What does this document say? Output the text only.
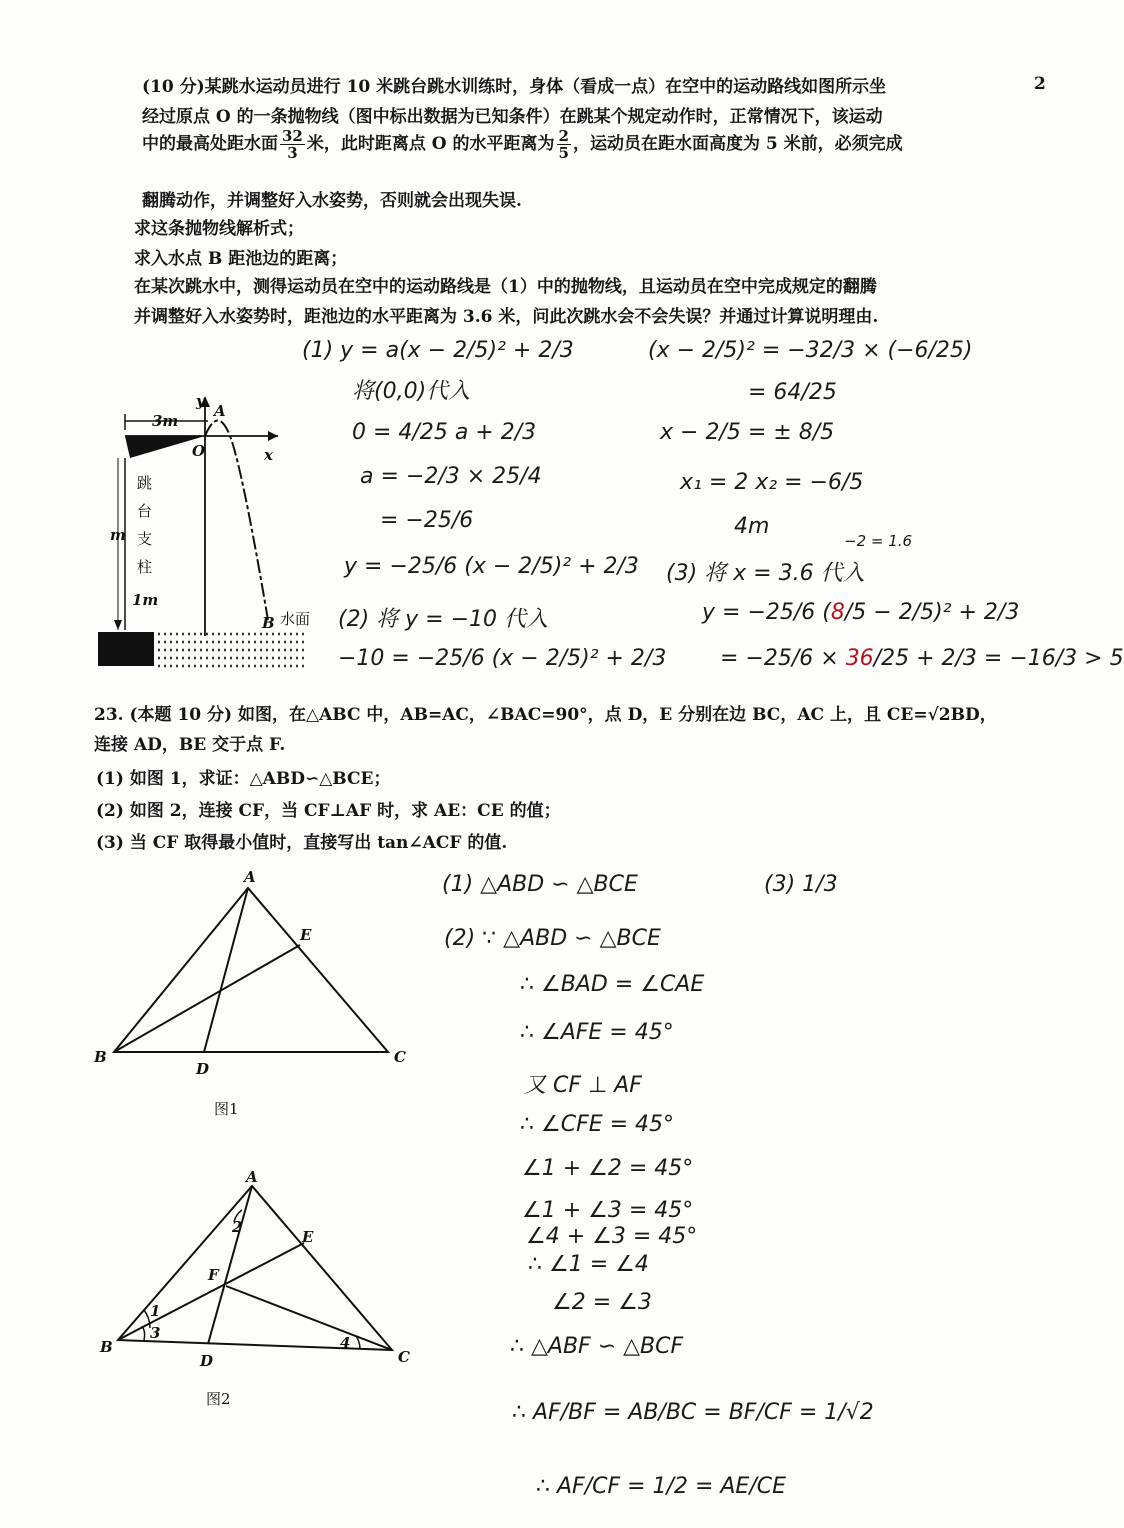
(10 分)某跳水运动员进行 10 米跳台跳水训练时，身体（看成一点）在空中的运动路线如图所示坐	2
经过原点 O 的一条抛物线（图中标出数据为已知条件）在跳某个规定动作时，正常情况下，该运动
中的最高处距水面 $\frac{32}{3}$ 米，此时距离点 O 的水平距离为 $\frac{2}{5}$ ，运动员在距水面高度为 5 米前，必须完成
翻腾动作，并调整好入水姿势，否则就会出现失误.
求这条抛物线解析式；
求入水点 B 距池边的距离；
在某次跳水中，测得运动员在空中的运动路线是（1）中的抛物线，且运动员在空中完成规定的翻腾
并调整好入水姿势时，距池边的水平距离为 3.6 米，问此次跳水会不会失误？并通过计算说明理由.
3m
y
A
O	x
m
跳 台 支 柱
1m
B 水面
A
B	C
D
E
A
B
C
D
E
F
1
2
3
4
图1
图2
(1) y = a(x − 2/5)² + 2/3
将(0,0)代入
0 = 4/25 a + 2/3
a = −2/3 × 25/4
= −25/6
y = −25/6 (x − 2/5)² + 2/3
(2) 将 y = −10 代入
−10 = −25/6 (x − 2/5)² + 2/3
(x − 2/5)² = −32/3 × (−6/25)
= 64/25
x − 2/5 = ± 8/5
x₁ = 2 x₂ = −6/5
4m
−2 = 1.6
(3) 将 x = 3.6 代入
y = −25/6 (8/5 − 2/5)² + 2/3
= −25/6 × 36/25 + 2/3 = −16/3 > 5
23. (本题 10 分) 如图，在△ABC 中，AB=AC，∠BAC=90°，点 D，E 分别在边 BC，AC 上，且 CE=√2BD，
连接 AD，BE 交于点 F.
(1) 如图 1，求证：△ABD∽△BCE；
(2) 如图 2，连接 CF，当 CF⊥AF 时，求 AE：CE 的值；
(3) 当 CF 取得最小值时，直接写出 tan∠ACF 的值.
(1) △ABD ∽ △BCE	(3) 1/3
(2) ∵ △ABD ∽ △BCE
∴ ∠BAD = ∠CAE
∴ ∠AFE = 45°
又 CF ⊥ AF
∴ ∠CFE = 45°
∠1 + ∠2 = 45°
∠1 + ∠3 = 45°
∠4 + ∠3 = 45°
∴ ∠1 = ∠4
∠2 = ∠3
∴ △ABF ∽ △BCF
∴ AF/BF = AB/BC = BF/CF = 1/√2
∴ AF/CF = 1/2 = AE/CE
